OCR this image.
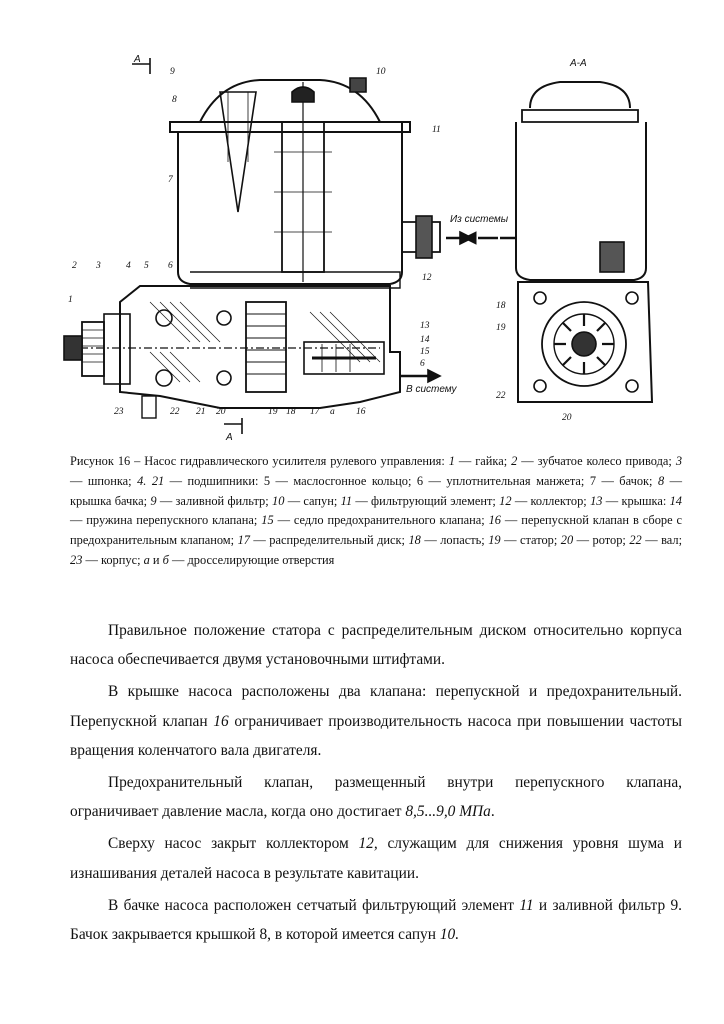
A
A
A-A
Из системы
В систему
9
8
7
10
11
12
2 3	4 5 6
1
13
14
15
6
23	22 21 20	19 18 17 а 16
18
19
22
20
Рисунок 16 – Насос гидравлического усилителя рулевого управления: 1 — гайка; 2 — зубчатое колесо привода; 3 — шпонка; 4. 21 — подшипники: 5 — маслосгонное кольцо; 6 — уплотнительная манжета; 7 — бачок; 8 — крышка бачка; 9 — заливной фильтр; 10 — сапун; 11 — фильтрующий элемент; 12 — коллектор; 13 — крышка: 14 — пружина перепускного клапана; 15 — седло предохранительного клапана; 16 — перепускной клапан в сборе с предохранительным клапаном; 17 — распределительный диск; 18 — лопасть; 19 — статор; 20 — ротор; 22 — вал; 23 — корпус; а и б — дросселирующие отверстия

Правильное положение статора с распределительным диском относительно корпуса насоса обеспечивается двумя установочными штифтами.

В крышке насоса расположены два клапана: перепускной и предохранительный. Перепускной клапан 16 ограничивает производительность насоса при повышении частоты вращения коленчатого вала двигателя.

Предохранительный клапан, размещенный внутри перепускного клапана, ограничивает давление масла, когда оно достигает 8,5...9,0 МПа.

Сверху насос закрыт коллектором 12, служащим для снижения уровня шума и изнашивания деталей насоса в результате кавитации.

В бачке насоса расположен сетчатый фильтрующий элемент 11 и заливной фильтр 9. Бачок закрывается крышкой 8, в которой имеется сапун 10.
